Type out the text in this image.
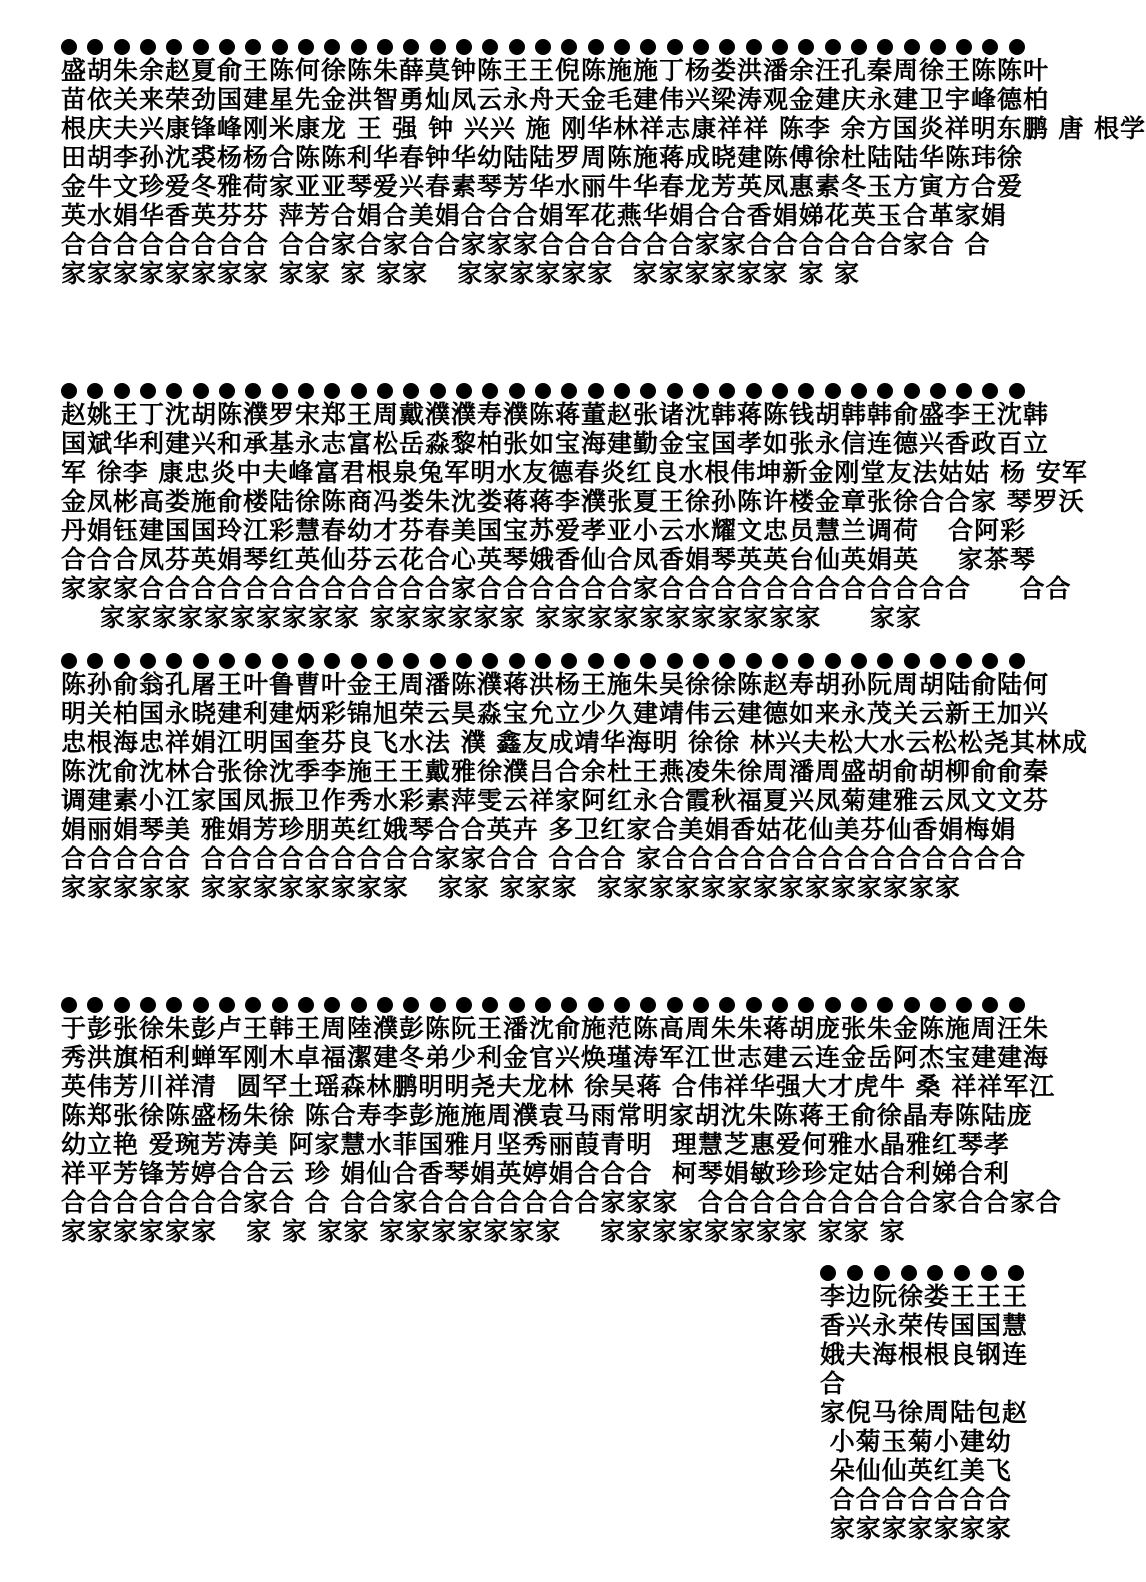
盛胡朱余赵夏俞王陈何徐陈朱薛莫钟陈王王倪陈施施丁杨娄洪潘余汪孔秦周徐王陈陈叶
苗依关来荣劲国建星先金洪智勇灿凤云永舟天金毛建伟兴梁涛观金建庆永建卫宇峰德柏
根庆夫兴康锋峰刚米康龙 王 强 钟 兴兴 施 刚华林祥志康祥祥 陈李 余方国炎祥明东鹏 唐 根学
田胡李孙沈裘杨杨合陈陈利华春钟华幼陆陆罗周陈施蒋成晓建陈傅徐杜陆陆华陈玮徐
金牛文珍爱冬雅荷家亚亚琴爱兴春素琴芳华水丽牛华春龙芳英凤惠素冬玉方寅方合爱
英水娟华香英芬芬 萍芳合娟合美娟合合合娟军花燕华娟合合香娟娣花英玉合革家娟
合合合合合合合合 合合家合家合合家家家合合合合合合家家合合合合合合家合 合
家家家家家家家家 家家 家 家家   家家家家家家  家家家家家家 家 家
赵姚王丁沈胡陈濮罗宋郑王周戴濮濮寿濮陈蒋董赵张诸沈韩蒋陈钱胡韩韩俞盛李王沈韩
国斌华利建兴和承基永志富松岳淼黎柏张如宝海建勤金宝国孝如张永信连德兴香政百立
军 徐李 康忠炎中夫峰富君根泉兔军明水友德春炎红良水根伟坤新金刚堂友法姑姑 杨 安军
金凤彬高娄施俞楼陆徐陈商冯娄朱沈娄蒋蒋李濮张夏王徐孙陈许楼金章张徐合合家 琴罗沃
丹娟钰建国国玲江彩慧春幼才芬春美国宝苏爱孝亚小云水耀文忠员慧兰调荷   合阿彩
合合合凤芬英娟琴红英仙芬云花合心英琴娥香仙合凤香娟琴英英台仙英娟英    家茶琴
家家家合合合合合合合合合合合合家合合合合合合家合合合合合合合合合合合合     合合
家家家家家家家家家家 家家家家家家 家家家家家家家家家家家     家家
陈孙俞翁孔屠王叶鲁曹叶金王周潘陈濮蒋洪杨王施朱吴徐徐陈赵寿胡孙阮周胡陆俞陆何
明关柏国永晓建利建炳彩锦旭荣云昊淼宝允立少久建靖伟云建德如来永茂关云新王加兴
忠根海忠祥娟江明国奎芬良飞水法 濮 鑫友成靖华海明 徐徐 林兴夫松大水云松松尧其林成
陈沈俞沈林合张徐沈季李施王王戴雅徐濮吕合余杜王燕凌朱徐周潘周盛胡俞胡柳俞俞秦
调建素小江家国凤振卫作秀水彩素萍雯云祥家阿红永合霞秋福夏兴凤菊建雅云凤文文芬
娟丽娟琴美 雅娟芳珍朋英红娥琴合合英卉 多卫红家合美娟香姑花仙美芬仙香娟梅娟
合合合合合 合合合合合合合合合家家合合 合合合 家合合合合合合合合合合合合合合
家家家家家 家家家家家家家家   家家 家家家  家家家家家家家家家家家家家家
于彭张徐朱彭卢王韩王周陸濮彭陈阮王潘沈俞施范陈高周朱朱蒋胡庞张朱金陈施周汪朱
秀洪旗栢利蝉军刚木卓福潔建冬弟少利金官兴焕瑾涛军江世志建云连金岳阿杰宝建建海
英伟芳川祥清  圆罕土瑶森林鹏明明尧夫龙林 徐吴蒋 合伟祥华强大才虎牛 桑 祥祥军江
陈郑张徐陈盛杨朱徐 陈合寿李彭施施周濮袁马雨常明家胡沈朱陈蒋王俞徐晶寿陈陆庞
幼立艳 爱琬芳涛美 阿家慧水菲国雅月坚秀丽葭青明  理慧芝惠爱何雅水晶雅红琴孝
祥平芳锋芳婷合合云 珍 娟仙合香琴娟英婷娟合合合  柯琴娟敏珍珍定姑合利娣合利
合合合合合合合家合 合 合合家合合合合合合合家家家  合合合合合合合合合家合合家合
家家家家家家   家 家 家家 家家家家家家家    家家家家家家家家 家家 家
李边阮徐娄王王王
香兴永荣传国国慧
娥夫海根根良钢连
合
家倪马徐周陆包赵
小菊玉菊小建幼
朵仙仙英红美飞
合合合合合合合
家家家家家家家
